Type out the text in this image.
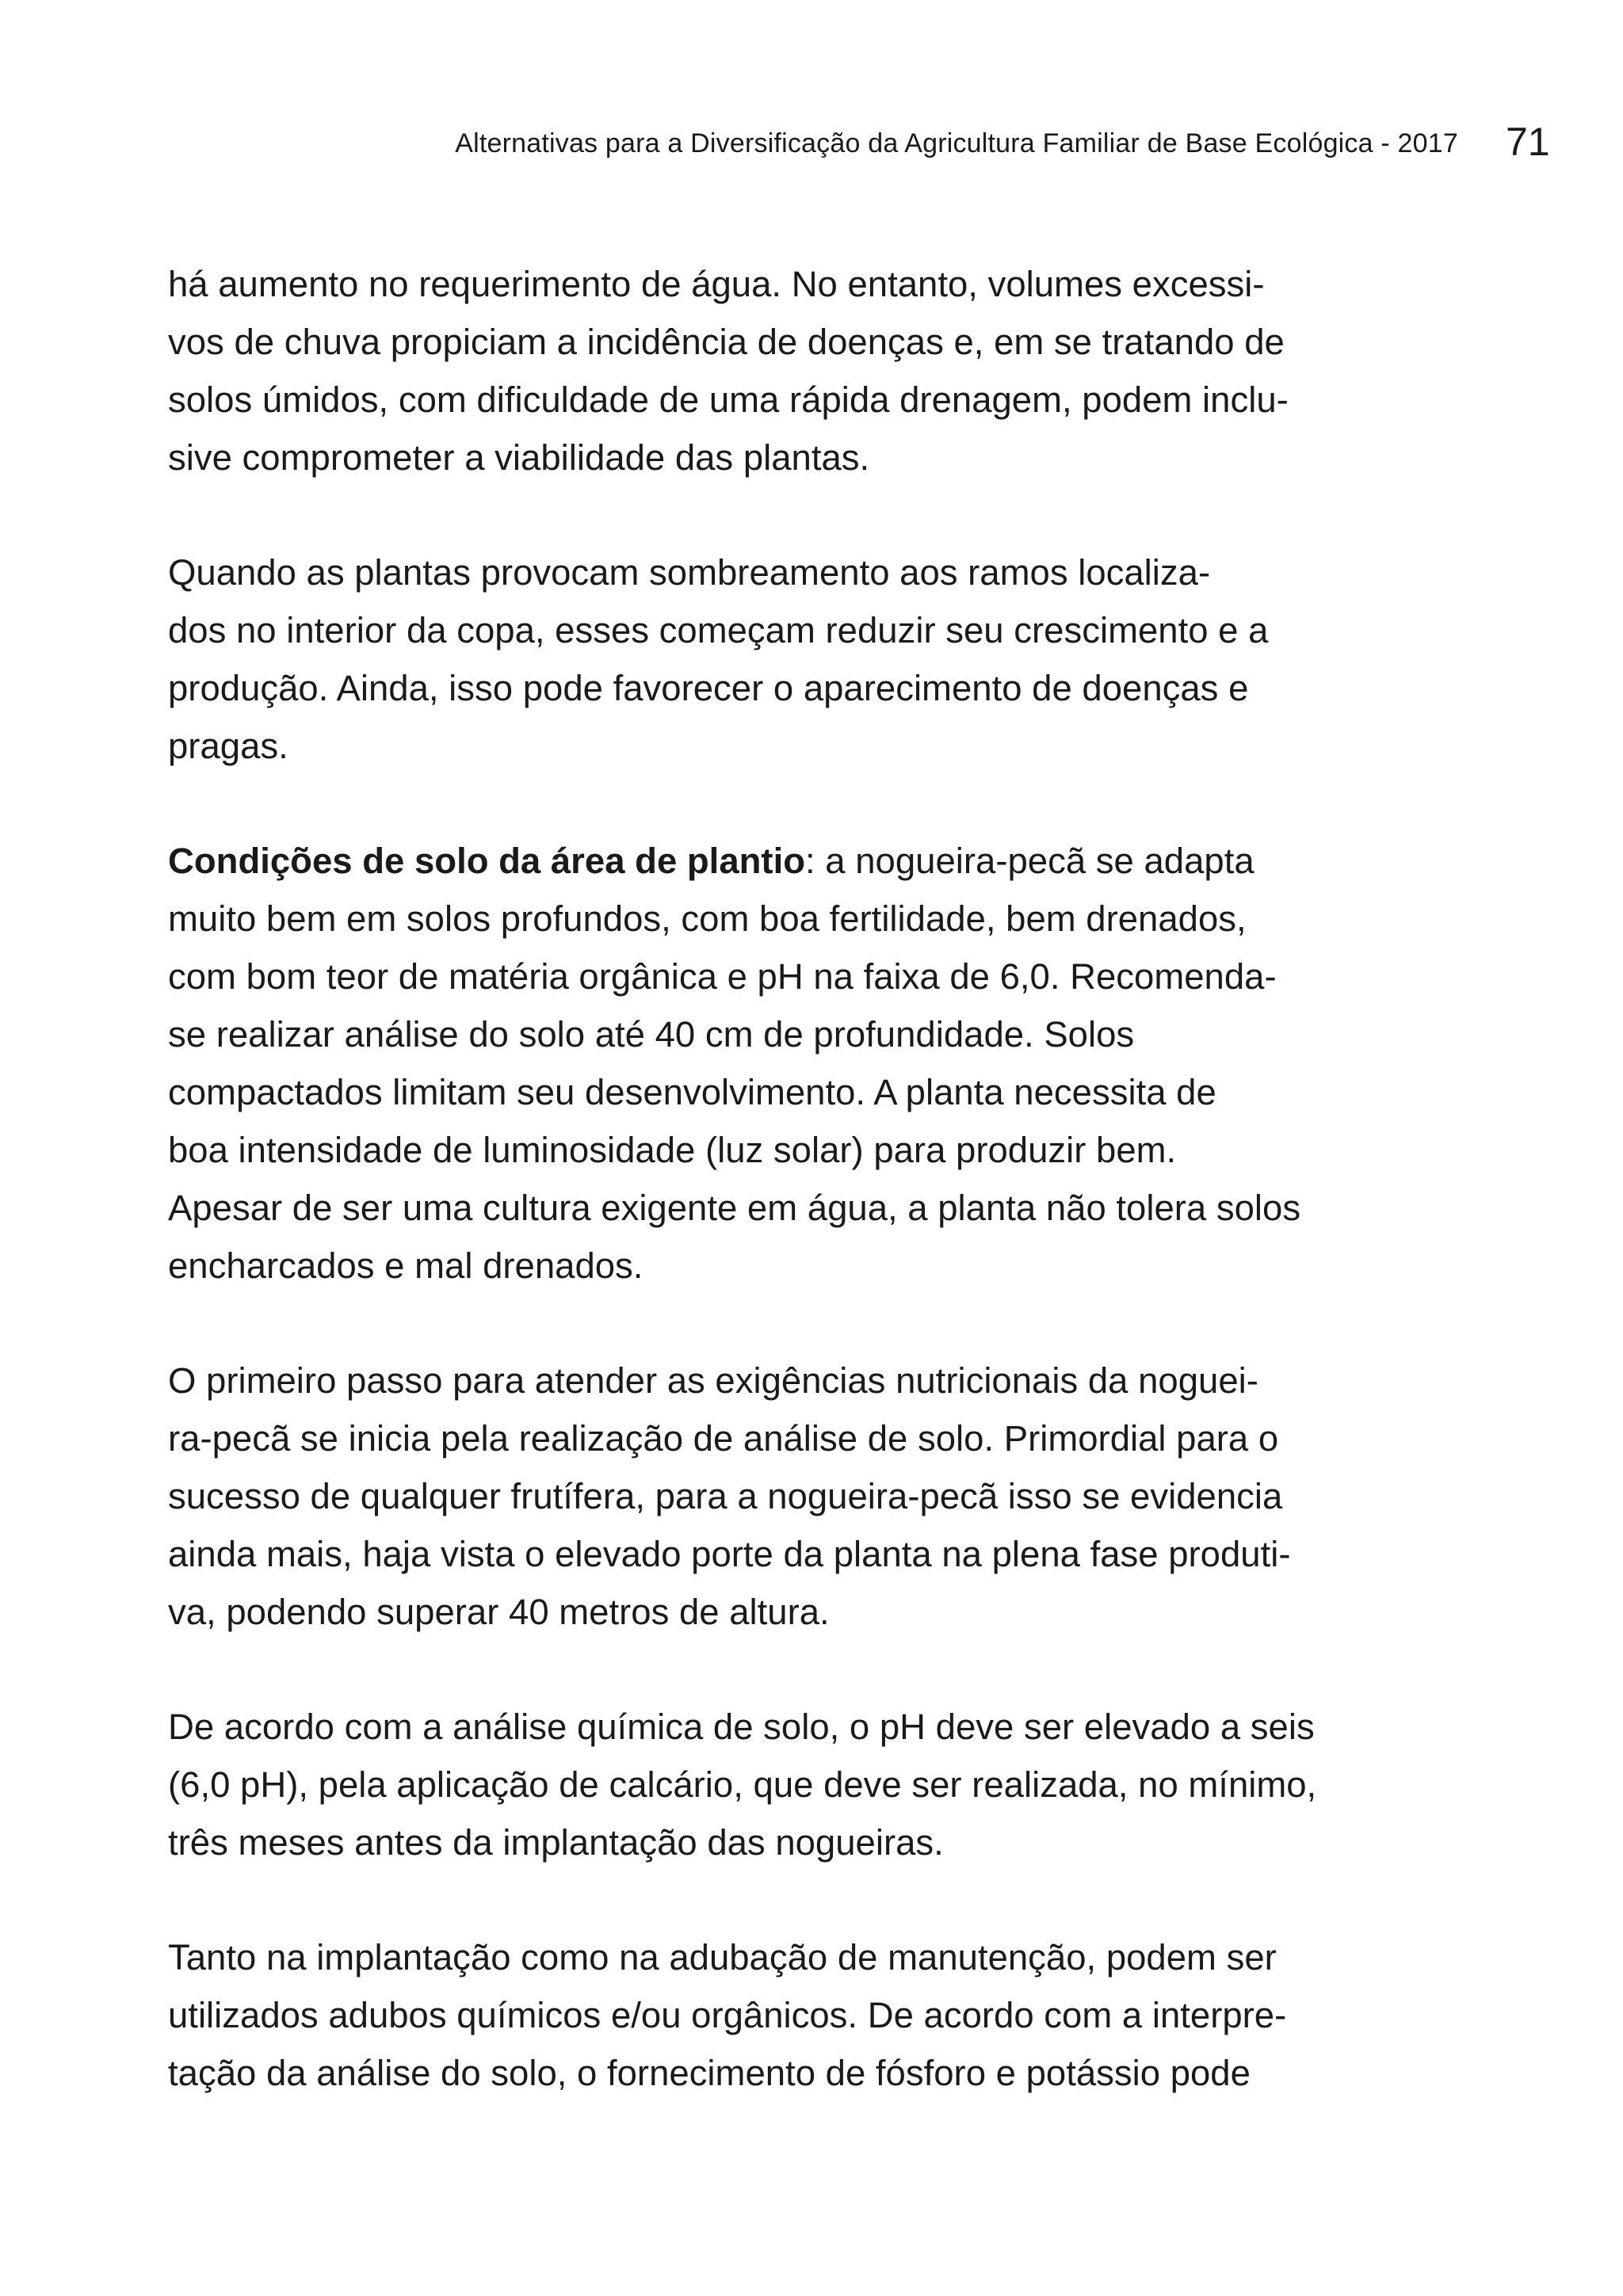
Alternativas para a Diversificação da Agricultura Familiar de Base Ecológica - 2017 71

há aumento no requerimento de água. No entanto, volumes excessi-
vos de chuva propiciam a incidência de doenças e, em se tratando de
solos úmidos, com dificuldade de uma rápida drenagem, podem inclu-
sive comprometer a viabilidade das plantas.

Quando as plantas provocam sombreamento aos ramos localiza-
dos no interior da copa, esses começam reduzir seu crescimento e a
produção. Ainda, isso pode favorecer o aparecimento de doenças e
pragas.

Condições de solo da área de plantio: a nogueira-pecã se adapta
muito bem em solos profundos, com boa fertilidade, bem drenados,
com bom teor de matéria orgânica e pH na faixa de 6,0. Recomenda-
se realizar análise do solo até 40 cm de profundidade. Solos
compactados limitam seu desenvolvimento. A planta necessita de
boa intensidade de luminosidade (luz solar) para produzir bem.
Apesar de ser uma cultura exigente em água, a planta não tolera solos
encharcados e mal drenados.

O primeiro passo para atender as exigências nutricionais da noguei-
ra-pecã se inicia pela realização de análise de solo. Primordial para o
sucesso de qualquer frutífera, para a nogueira-pecã isso se evidencia
ainda mais, haja vista o elevado porte da planta na plena fase produti-
va, podendo superar 40 metros de altura.

De acordo com a análise química de solo, o pH deve ser elevado a seis
(6,0 pH), pela aplicação de calcário, que deve ser realizada, no mínimo,
três meses antes da implantação das nogueiras.

Tanto na implantação como na adubação de manutenção, podem ser
utilizados adubos químicos e/ou orgânicos. De acordo com a interpre-
tação da análise do solo, o fornecimento de fósforo e potássio pode
